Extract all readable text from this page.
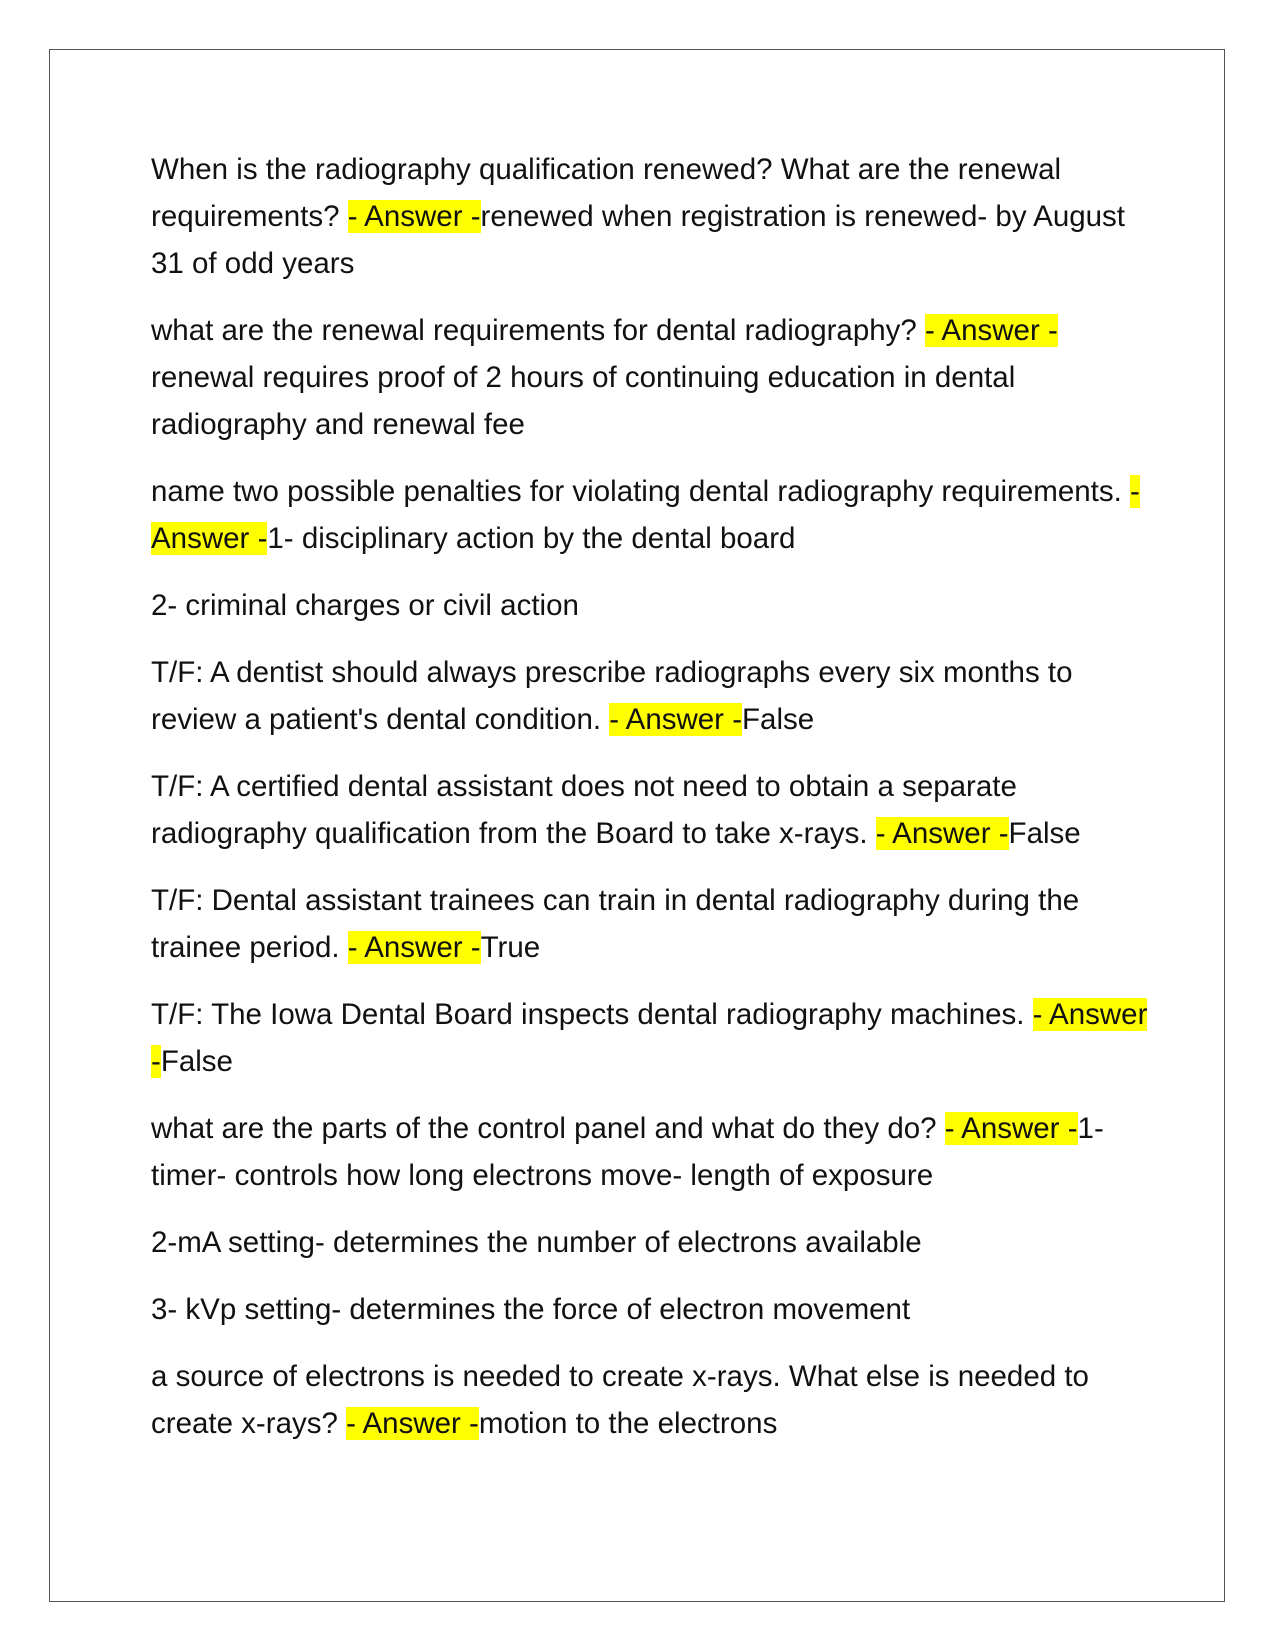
When is the radiography qualification renewed? What are the renewal requirements? - Answer -renewed when registration is renewed- by August 31 of odd years

what are the renewal requirements for dental radiography? - Answer -renewal requires proof of 2 hours of continuing education in dental radiography and renewal fee

name two possible penalties for violating dental radiography requirements. - Answer -1- disciplinary action by the dental board

2- criminal charges or civil action

T/F: A dentist should always prescribe radiographs every six months to review a patient's dental condition. - Answer -False

T/F: A certified dental assistant does not need to obtain a separate radiography qualification from the Board to take x-rays. - Answer -False

T/F: Dental assistant trainees can train in dental radiography during the trainee period. - Answer -True

T/F: The Iowa Dental Board inspects dental radiography machines. - Answer -False

what are the parts of the control panel and what do they do? - Answer -1- timer- controls how long electrons move- length of exposure

2-mA setting- determines the number of electrons available

3- kVp setting- determines the force of electron movement

a source of electrons is needed to create x-rays. What else is needed to create x-rays? - Answer -motion to the electrons
